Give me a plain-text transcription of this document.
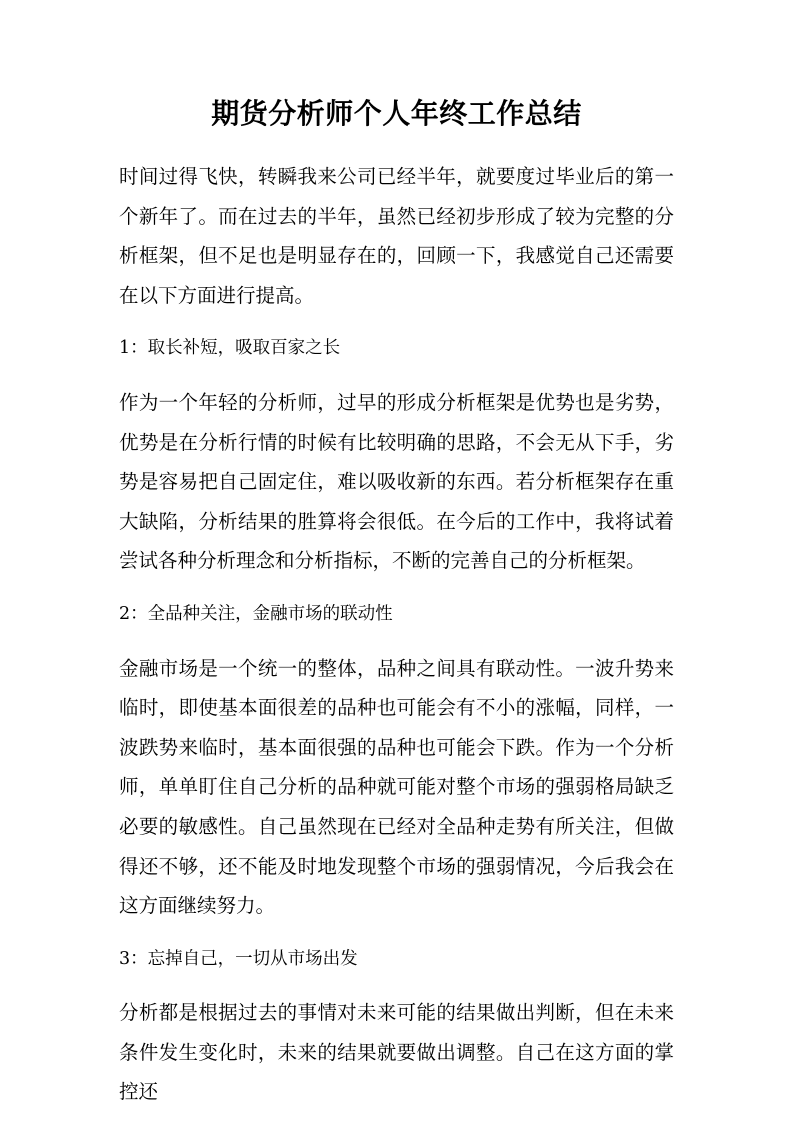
期货分析师个人年终工作总结

时间过得飞快，转瞬我来公司已经半年，就要度过毕业后的第一个新年了。而在过去的半年，虽然已经初步形成了较为完整的分析框架，但不足也是明显存在的，回顾一下，我感觉自己还需要在以下方面进行提高。

1：取长补短，吸取百家之长

作为一个年轻的分析师，过早的形成分析框架是优势也是劣势，优势是在分析行情的时候有比较明确的思路，不会无从下手，劣势是容易把自己固定住，难以吸收新的东西。若分析框架存在重大缺陷，分析结果的胜算将会很低。在今后的工作中，我将试着尝试各种分析理念和分析指标，不断的完善自己的分析框架。

2：全品种关注，金融市场的联动性

金融市场是一个统一的整体，品种之间具有联动性。一波升势来临时，即使基本面很差的品种也可能会有不小的涨幅，同样，一波跌势来临时，基本面很强的品种也可能会下跌。作为一个分析师，单单盯住自己分析的品种就可能对整个市场的强弱格局缺乏必要的敏感性。自己虽然现在已经对全品种走势有所关注，但做得还不够，还不能及时地发现整个市场的强弱情况，今后我会在这方面继续努力。

3：忘掉自己，一切从市场出发

分析都是根据过去的事情对未来可能的结果做出判断，但在未来条件发生变化时，未来的结果就要做出调整。自己在这方面的掌控还
